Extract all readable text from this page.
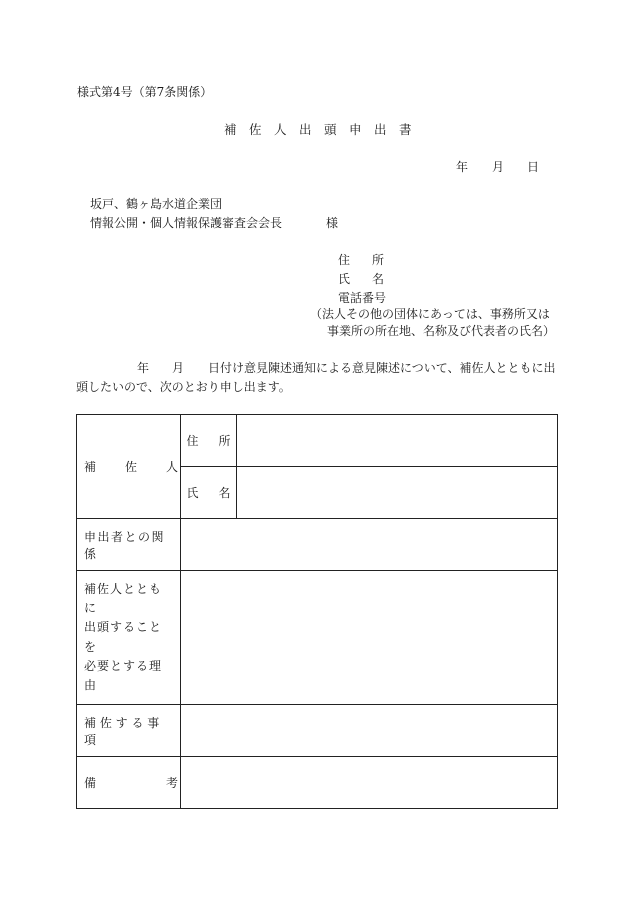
様式第4号（第7条関係）
補　佐　人　出　頭　申　出　書
年 月 日
坂戸、鶴ヶ島水道企業団
情報公開・個人情報保護審査会会長	様
住 所
氏 名
電話番号
（法人その他の団体にあっては、事務所又は
事業所の所在地、名称及び代表者の氏名）
年 月 日付け意見陳述通知による意見陳述について、補佐人とともに出
頭したいので、次のとおり申し出ます。
補 佐 人	住 所	

	氏 名	

申出者との関係		

補佐人とともに
出頭することを
必要とする理由		

補 佐 す る 事 項		

備 考		
